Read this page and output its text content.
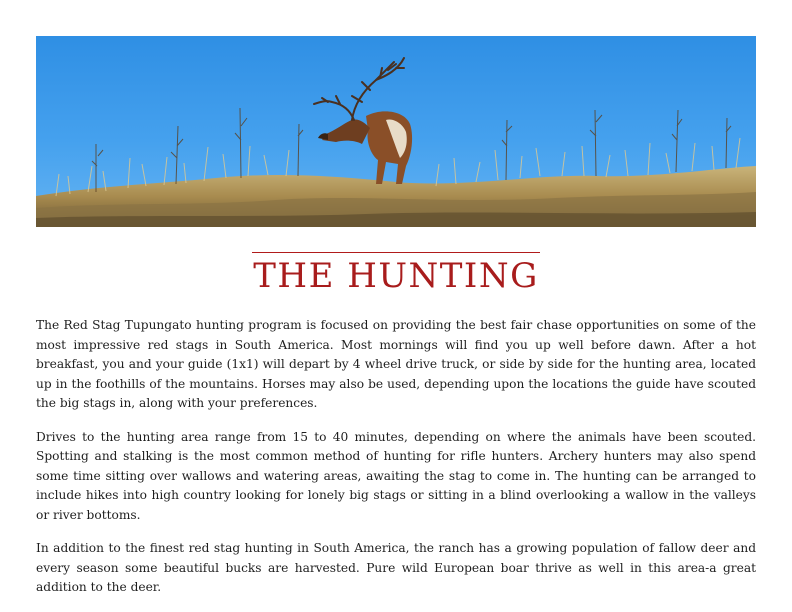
THE HUNTING

The Red Stag Tupungato hunting program is focused on providing the best fair chase opportunities on some of the most impressive red stags in South America. Most mornings will find you up well before dawn. After a hot breakfast, you and your guide (1x1) will depart by 4 wheel drive truck, or side by side for the hunting area, located up in the foothills of the mountains. Horses may also be used, depending upon the locations the guide have scouted the big stags in, along with your preferences.

Drives to the hunting area range from 15 to 40 minutes, depending on where the animals have been scouted. Spotting and stalking is the most common method of hunting for rifle hunters. Archery hunters may also spend some time sitting over wallows and watering areas, awaiting the stag to come in. The hunting can be arranged to include hikes into high country looking for lonely big stags or sitting in a blind overlooking a wallow in the valleys or river bottoms.

In addition to the finest red stag hunting in South America, the ranch has a growing population of fallow deer and every season some beautiful bucks are harvested. Pure wild European boar thrive as well in this area-a great addition to the deer.
